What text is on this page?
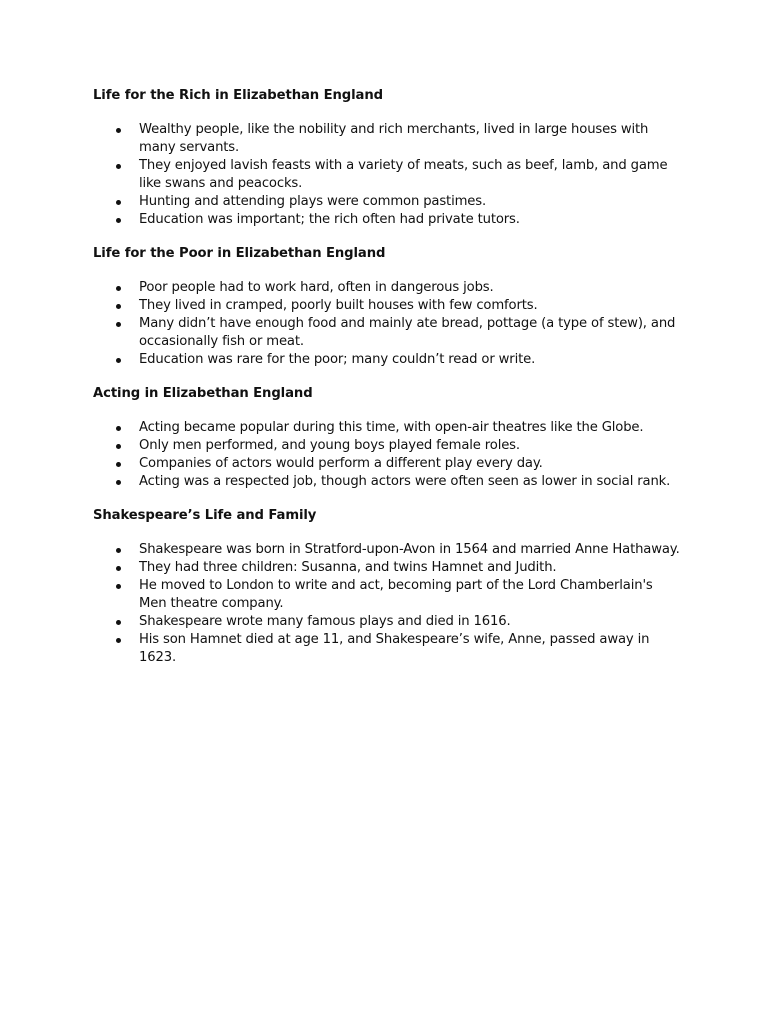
Life for the Rich in Elizabethan England
Wealthy people, like the nobility and rich merchants, lived in large houses with many servants.
They enjoyed lavish feasts with a variety of meats, such as beef, lamb, and game like swans and peacocks.
Hunting and attending plays were common pastimes.
Education was important; the rich often had private tutors.
Life for the Poor in Elizabethan England
Poor people had to work hard, often in dangerous jobs.
They lived in cramped, poorly built houses with few comforts.
Many didn’t have enough food and mainly ate bread, pottage (a type of stew), and occasionally fish or meat.
Education was rare for the poor; many couldn’t read or write.
Acting in Elizabethan England
Acting became popular during this time, with open-air theatres like the Globe.
Only men performed, and young boys played female roles.
Companies of actors would perform a different play every day.
Acting was a respected job, though actors were often seen as lower in social rank.
Shakespeare’s Life and Family
Shakespeare was born in Stratford-upon-Avon in 1564 and married Anne Hathaway.
They had three children: Susanna, and twins Hamnet and Judith.
He moved to London to write and act, becoming part of the Lord Chamberlain's Men theatre company.
Shakespeare wrote many famous plays and died in 1616.
His son Hamnet died at age 11, and Shakespeare’s wife, Anne, passed away in 1623.
